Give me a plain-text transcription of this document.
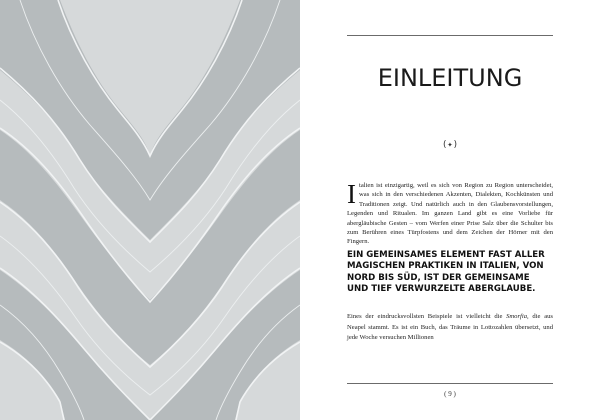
EINLEITUNG
(✦)

Italien ist einzigartig, weil es sich von Region zu Region unterscheidet, was sich in den verschiedenen Akzenten, Dialekten, Kochkünsten und Traditionen zeigt. Und natürlich auch in den Glaubensvorstellungen, Legenden und Ritualen. Im ganzen Land gibt es eine Vorliebe für abergläubische Gesten – vom Werfen einer Prise Salz über die Schulter bis zum Berühren eines Türpfostens und dem Zeichen der Hörner mit den Fingern.

EIN GEMEINSAMES ELEMENT FAST ALLER MAGISCHEN PRAKTIKEN IN ITALIEN, VON NORD BIS SÜD, IST DER GEMEINSAME UND TIEF VERWURZELTE ABERGLAUBE.

Eines der eindrucksvollsten Beispiele ist vielleicht die Smorfia, die aus Neapel stammt. Es ist ein Buch, das Träume in Lottozahlen übersetzt, und jede Woche versuchen Millionen

( 9 )
